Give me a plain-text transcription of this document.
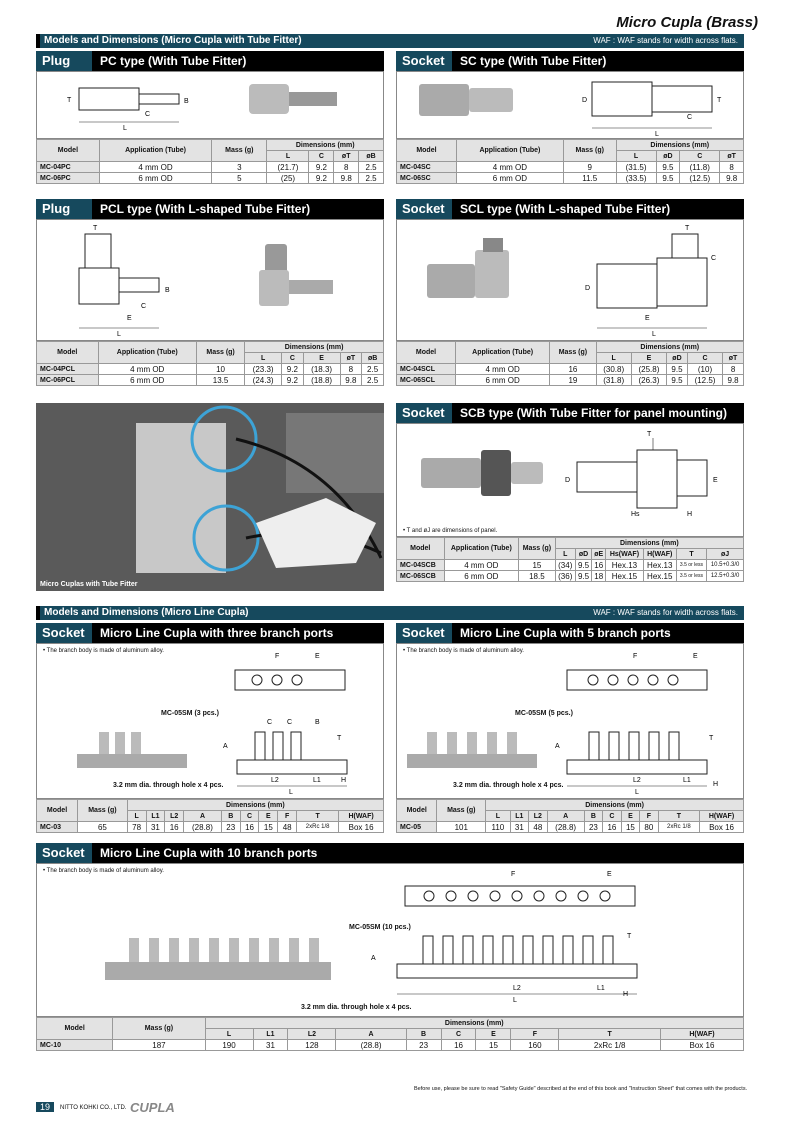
Micro Cupla (Brass)
Models and Dimensions (Micro Cupla with Tube Fitter)	WAF : WAF stands for width across flats.
Plug PC type (With Tube Fitter)
L
C
T	B
Model	Application (Tube)	Mass (g)	Dimensions (mm)			
			L	C	øT	øB
MC-04PC	4 mm OD	3	(21.7)	9.2	8	2.5
MC-06PC	6 mm OD	5	(25)	9.2	9.8	2.5
Socket SC type (With Tube Fitter)
L
C
D	T
Model	Application (Tube)	Mass (g)	Dimensions (mm)			
			L	øD	C	øT
MC-04SC	4 mm OD	9	(31.5)	9.5	(11.8)	8
MC-06SC	6 mm OD	11.5	(33.5)	9.5	(12.5)	9.8
Plug PCL type (With L-shaped Tube Fitter)
L
E
C
T
B
Model	Application (Tube)	Mass (g)	Dimensions (mm)				
			L	C	E	øT	øB
MC-04PCL	4 mm OD	10	(23.3)	9.2	(18.3)	8	2.5
MC-06PCL	6 mm OD	13.5	(24.3)	9.2	(18.8)	9.8	2.5
Socket SCL type (With L-shaped Tube Fitter)
L
E
D
C
T
Model	Application (Tube)	Mass (g)	Dimensions (mm)				
			L	E	øD	C	øT
MC-04SCL	4 mm OD	16	(30.8)	(25.8)	9.5	(10)	8
MC-06SCL	6 mm OD	19	(31.8)	(26.3)	9.5	(12.5)	9.8
Micro Cuplas with Tube Fitter
Socket SCB type (With Tube Fitter for panel mounting)
T
D	E
Hs	H
• T and øJ are dimensions of panel.
Model	Application (Tube)	Mass (g)	Dimensions (mm)						
			L	øD	øE	Hs(WAF)	H(WAF)	T	øJ
MC-04SCB	4 mm OD	15	(34)	9.5	16	Hex.13	Hex.13	3.5 or less	10.5+0.3/0
MC-06SCB	6 mm OD	18.5	(36)	9.5	18	Hex.15	Hex.15	3.5 or less	12.5+0.3/0
Models and Dimensions (Micro Line Cupla)	WAF : WAF stands for width across flats.
Socket Micro Line Cupla with three branch ports
• The branch body is made of aluminum alloy.
F	E
L
L2	L1
A
T
H
C C	B
MC-05SM (3 pcs.)
3.2 mm dia. through hole x 4 pcs.
Model	Mass (g)	Dimensions (mm)									
		L	L1	L2	A	B	C	E	F	T	H(WAF)
MC-03	65	78	31	16	(28.8)	23	16	15	48	2xRc 1/8	Box 16
Socket Micro Line Cupla with 5 branch ports
• The branch body is made of aluminum alloy.
F	E
L
L2	L1
A
T
H
MC-05SM (5 pcs.)
3.2 mm dia. through hole x 4 pcs.
Model	Mass (g)	Dimensions (mm)									
		L	L1	L2	A	B	C	E	F	T	H(WAF)
MC-05	101	110	31	48	(28.8)	23	16	15	80	2xRc 1/8	Box 16
Socket Micro Line Cupla with 10 branch ports
• The branch body is made of aluminum alloy.	F	E
L
L2	L1
A
T
H
MC-05SM (10 pcs.)
3.2 mm dia. through hole x 4 pcs.
Model	Mass (g)	Dimensions (mm)									
		L	L1	L2	A	B	C	E	F	T	H(WAF)
MC-10	187	190	31	128	(28.8)	23	16	15	160	2xRc 1/8	Box 16
Before use, please be sure to read "Safety Guide" described at the end of this book and "Instruction Sheet" that comes with the products.
19	NITTO KOHKI CO., LTD. CUPLA
